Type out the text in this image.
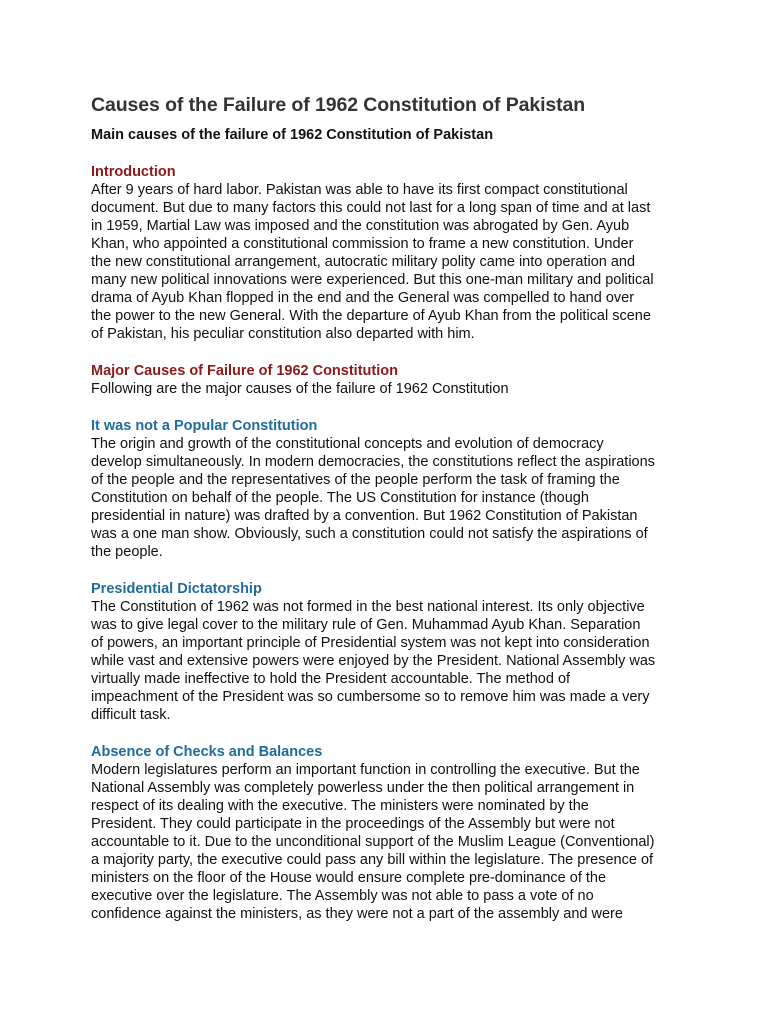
Causes of the Failure of 1962 Constitution of Pakistan
Main causes of the failure of 1962 Constitution of Pakistan
Introduction

After 9 years of hard labor. Pakistan was able to have its first compact constitutional
document. But due to many factors this could not last for a long span of time and at last
in 1959, Martial Law was imposed and the constitution was abrogated by Gen. Ayub
Khan, who appointed a constitutional commission to frame a new constitution. Under
the new constitutional arrangement, autocratic military polity came into operation and
many new political innovations were experienced. But this one-man military and political
drama of Ayub Khan flopped in the end and the General was compelled to hand over
the power to the new General. With the departure of Ayub Khan from the political scene
of Pakistan, his peculiar constitution also departed with him.

Major Causes of Failure of 1962 Constitution

Following are the major causes of the failure of 1962 Constitution

It was not a Popular Constitution

The origin and growth of the constitutional concepts and evolution of democracy
develop simultaneously. In modern democracies, the constitutions reflect the aspirations
of the people and the representatives of the people perform the task of framing the
Constitution on behalf of the people. The US Constitution for instance (though
presidential in nature) was drafted by a convention. But 1962 Constitution of Pakistan
was a one man show. Obviously, such a constitution could not satisfy the aspirations of
the people.

Presidential Dictatorship

The Constitution of 1962 was not formed in the best national interest. Its only objective
was to give legal cover to the military rule of Gen. Muhammad Ayub Khan. Separation
of powers, an important principle of Presidential system was not kept into consideration
while vast and extensive powers were enjoyed by the President. National Assembly was
virtually made ineffective to hold the President accountable. The method of
impeachment of the President was so cumbersome so to remove him was made a very
difficult task.

Absence of Checks and Balances

Modern legislatures perform an important function in controlling the executive. But the
National Assembly was completely powerless under the then political arrangement in
respect of its dealing with the executive. The ministers were nominated by the
President. They could participate in the proceedings of the Assembly but were not
accountable to it. Due to the unconditional support of the Muslim League (Conventional)
a majority party, the executive could pass any bill within the legislature. The presence of
ministers on the floor of the House would ensure complete pre-dominance of the
executive over the legislature. The Assembly was not able to pass a vote of no
confidence against the ministers, as they were not a part of the assembly and were
